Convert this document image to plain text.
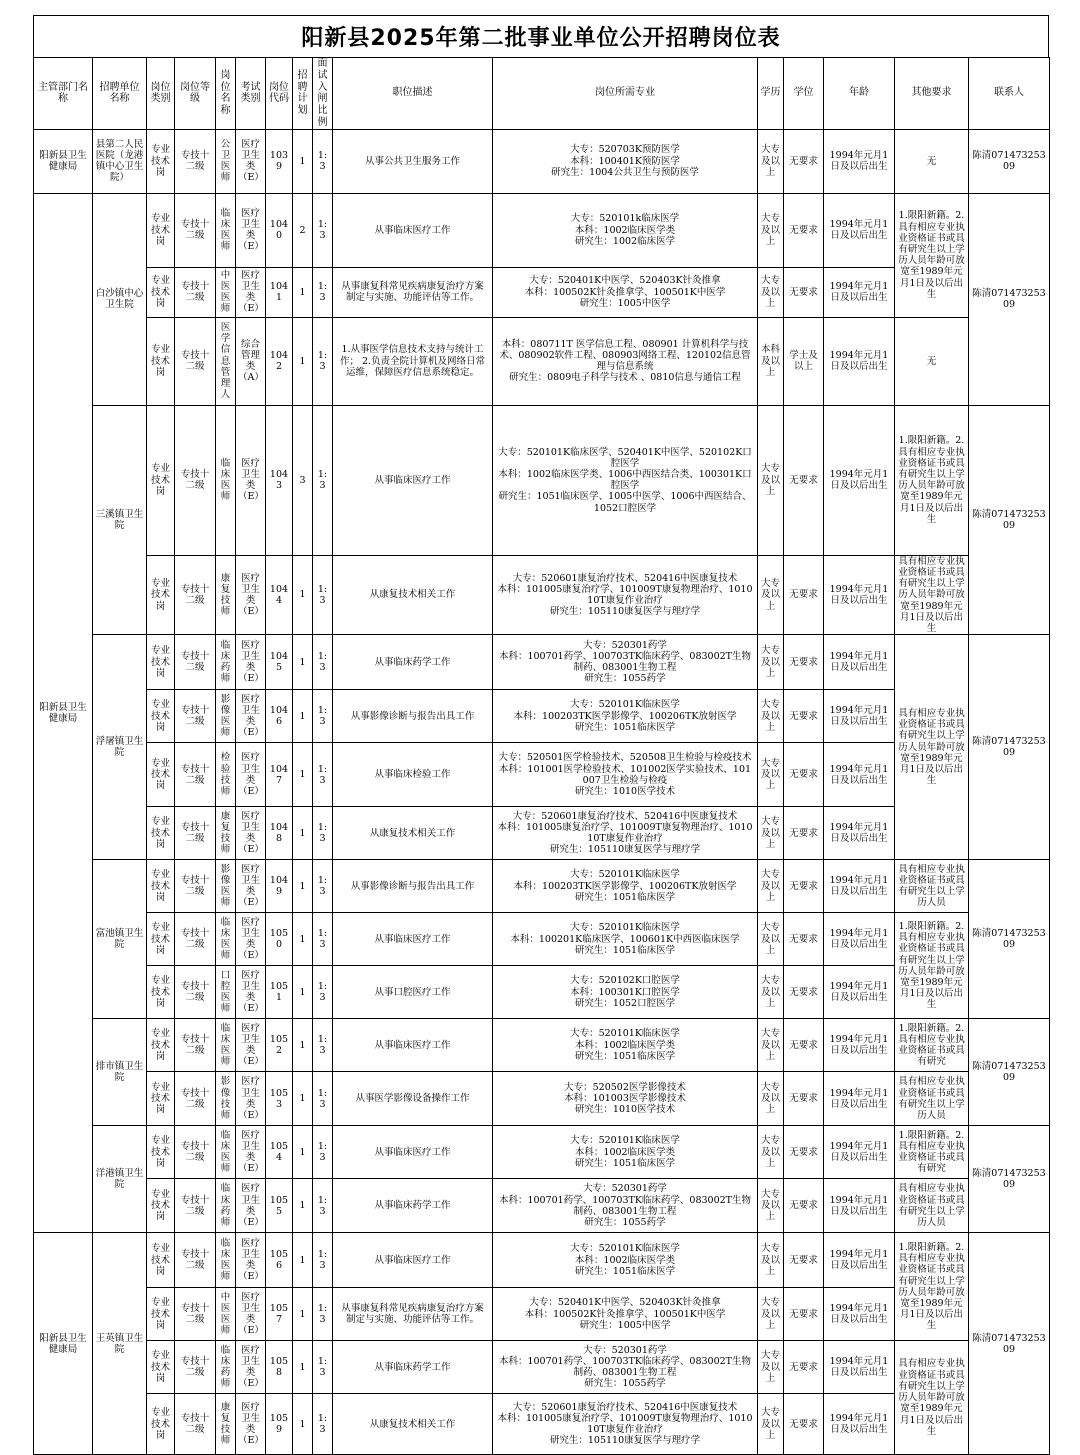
阳新县2025年第二批事业单位公开招聘岗位表
主管部门名称	招聘单位名称	岗位类别	岗位等级	岗位名称	考试类别	岗位代码	招聘计划	面试入闸比例	职位描述	岗位所需专业	学历	学位	年龄	其他要求	联系人
阳新县卫生健康局	县第二人民医院（龙港镇中心卫生院）	专业技术岗	专技十二级	公卫医师	医疗卫生类（E）	1039	1	1:3	从事公共卫生服务工作	大专：520703K预防医学
本科：100401K预防医学
研究生：1004公共卫生与预防医学	大专及以上	无要求	1994年元月1日及以后出生	无	陈清07147325309
阳新县卫生健康局	白沙镇中心卫生院	专业技术岗	专技十二级	临床医师	医疗卫生类（E）	1040	2	1:3	从事临床医疗工作	大专：520101k临床医学
本科：1002临床医学类
研究生：1002临床医学	大专及以上	无要求	1994年元月1日及以后出生	1.限阳新籍。2.具有相应专业执业资格证书或具有研究生以上学历人员年龄可放宽至1989年元月1日及以后出生	陈清07147325309
		专业技术岗	专技十二级	中医医师	医疗卫生类（E）	1041	1	1:3	从事康复科常见疾病康复治疗方案制定与实施、功能评估等工作。	大专：520401K中医学、520403K针灸推拿
本科：100502K针灸推拿学、100501K中医学
研究生：1005中医学	大专及以上	无要求	1994年元月1日及以后出生		
		专业技术岗	专技十二级	医学信息管理人	综合管理类（A）	1042	1	1:3	1.从事医学信息技术支持与统计工作； 2.负责全院计算机及网络日常运维，保障医疗信息系统稳定。	本科：080711T 医学信息工程、080901 计算机科学与技术、080902软件工程、080903网络工程、120102信息管理与信息系统
研究生：0809电子科学与技术 、0810信息与通信工程	本科及以上	学士及以上	1994年元月1日及以后出生	无	
	三溪镇卫生院	专业技术岗	专技十二级	临床医师	医疗卫生类（E）	1043	3	1:3	从事临床医疗工作	大专：520101K临床医学、520401K中医学、520102K口腔医学
本科：1002临床医学类、1006中西医结合类、100301K口腔医学
研究生：1051临床医学、1005中医学、1006中西医结合、1052口腔医学	大专及以上	无要求	1994年元月1日及以后出生	1.限阳新籍。2.具有相应专业执业资格证书或具有研究生以上学历人员年龄可放宽至1989年元月1日及以后出生	陈清07147325309
		专业技术岗	专技十二级	康复技师	医疗卫生类（E）	1044	1	1:3	从康复技术相关工作	大专：520601康复治疗技术、520416中医康复技术
本科：101005康复治疗学、101009T康复物理治疗、101010T康复作业治疗
研究生：105110康复医学与理疗学	大专及以上	无要求	1994年元月1日及以后出生	具有相应专业执业资格证书或具有研究生以上学历人员年龄可放宽至1989年元月1日及以后出生	
	浮屠镇卫生院	专业技术岗	专技十二级	临床药师	医疗卫生类（E）	1045	1	1:3	从事临床药学工作	大专：520301药学
本科：100701药学、100703TK临床药学、083002T生物制药、083001生物工程
研究生：1055药学	大专及以上	无要求	1994年元月1日及以后出生	具有相应专业执业资格证书或具有研究生以上学历人员年龄可放宽至1989年元月1日及以后出生	陈清07147325309
		专业技术岗	专技十二级	影像医师	医疗卫生类（E）	1046	1	1:3	从事影像诊断与报告出具工作	大专：520101K临床医学
本科：100203TK医学影像学、100206TK放射医学
研究生：1051临床医学	大专及以上	无要求	1994年元月1日及以后出生		
		专业技术岗	专技十二级	检验技师	医疗卫生类（E）	1047	1	1:3	从事临床检验工作	大专：520501医学检验技术、520508卫生检验与检疫技术
本科：101001医学检验技术、101002医学实验技术、101007卫生检验与检疫
研究生：1010医学技术	大专及以上	无要求	1994年元月1日及以后出生		
		专业技术岗	专技十二级	康复技师	医疗卫生类（E）	1048	1	1:3	从康复技术相关工作	大专：520601康复治疗技术、520416中医康复技术
本科：101005康复治疗学、101009T康复物理治疗、101010T康复作业治疗
研究生：105110康复医学与理疗学	大专及以上	无要求	1994年元月1日及以后出生		
	富池镇卫生院	专业技术岗	专技十二级	影像医师	医疗卫生类（E）	1049	1	1:3	从事影像诊断与报告出具工作	大专：520101K临床医学
本科：100203TK医学影像学、100206TK放射医学
研究生：1051临床医学	大专及以上	无要求	1994年元月1日及以后出生	具有相应专业执业资格证书或具有研究生以上学历人员	陈清07147325309
		专业技术岗	专技十二级	临床医师	医疗卫生类（E）	1050	1	1:3	从事临床医疗工作	大专：520101K临床医学
本科：100201K临床医学、100601K中西医临床医学
研究生：1051临床医学	大专及以上	无要求	1994年元月1日及以后出生	1.限阳新籍。2.具有相应专业执业资格证书或具有研究生以上学历人员年龄可放宽至1989年元月1日及以后出生	
		专业技术岗	专技十二级	口腔医师	医疗卫生类（E）	1051	1	1:3	从事口腔医疗工作	大专：520102K口腔医学
本科：100301K口腔医学
研究生：1052口腔医学	大专及以上	无要求	1994年元月1日及以后出生		
	排市镇卫生院	专业技术岗	专技十二级	临床医师	医疗卫生类（E）	1052	1	1:3	从事临床医疗工作	大专：520101K临床医学
本科：1002临床医学类
研究生：1051临床医学	大专及以上	无要求	1994年元月1日及以后出生	1.限阳新籍。2.具有相应专业执业资格证书或具有研究	陈清07147325309
		专业技术岗	专技十二级	影像技师	医疗卫生类（E）	1053	1	1:3	从事医学影像设备操作工作	大专：520502医学影像技术
本科：101003医学影像技术
研究生：1010医学技术	大专及以上	无要求	1994年元月1日及以后出生	具有相应专业执业资格证书或具有研究生以上学历人员	
	洋港镇卫生院	专业技术岗	专技十二级	临床医师	医疗卫生类（E）	1054	1	1:3	从事临床医疗工作	大专：520101K临床医学
本科：1002临床医学类
研究生：1051临床医学	大专及以上	无要求	1994年元月1日及以后出生	1.限阳新籍。2.具有相应专业执业资格证书或具有研究	陈清07147325309
		专业技术岗	专技十二级	临床药师	医疗卫生类（E）	1055	1	1:3	从事临床药学工作	大专：520301药学
本科：100701药学、100703TK临床药学、083002T生物制药、083001生物工程
研究生：1055药学	大专及以上	无要求	1994年元月1日及以后出生	具有相应专业执业资格证书或具有研究生以上学历人员	
阳新县卫生健康局	王英镇卫生院	专业技术岗	专技十二级	临床医师	医疗卫生类（E）	1056	1	1:3	从事临床医疗工作	大专：520101K临床医学
本科：1002临床医学类
研究生：1051临床医学	大专及以上	无要求	1994年元月1日及以后出生	1.限阳新籍。2.具有相应专业执业资格证书或具有研究生以上学历人员年龄可放宽至1989年元月1日及以后出生	陈清07147325309
		专业技术岗	专技十二级	中医医师	医疗卫生类（E）	1057	1	1:3	从事康复科常见疾病康复治疗方案制定与实施、功能评估等工作。	大专：520401K中医学、520403K针灸推拿
本科：100502K针灸推拿学、100501K中医学
研究生：1005中医学	大专及以上	无要求	1994年元月1日及以后出生		
		专业技术岗	专技十二级	临床药师	医疗卫生类（E）	1058	1	1:3	从事临床药学工作	大专：520301药学
本科：100701药学、100703TK临床药学、083002T生物制药、083001生物工程
研究生：1055药学	大专及以上	无要求	1994年元月1日及以后出生	具有相应专业执业资格证书或具有研究生以上学历人员年龄可放宽至1989年元月1日及以后出生	
		专业技术岗	专技十二级	康复技师	医疗卫生类（E）	1059	1	1:3	从康复技术相关工作	大专：520601康复治疗技术、520416中医康复技术
本科：101005康复治疗学、101009T康复物理治疗、101010T康复作业治疗
研究生：105110康复医学与理疗学	大专及以上	无要求	1994年元月1日及以后出生		
